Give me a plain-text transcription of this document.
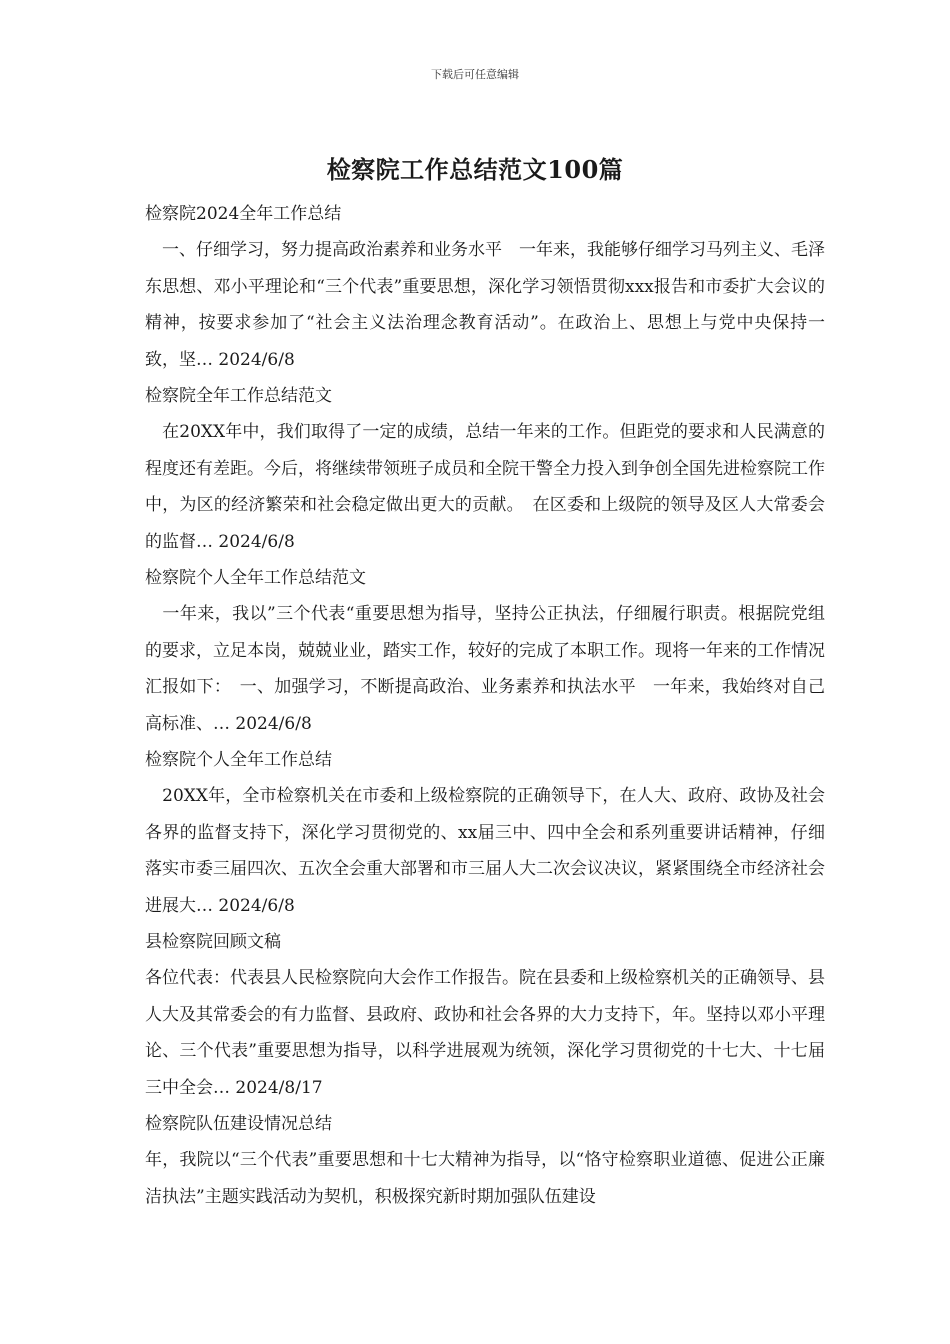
下载后可任意编辑
检察院工作总结范文100篇
检察院2024全年工作总结

　一、仔细学习，努力提高政治素养和业务水平　一年来，我能够仔细学习马列主义、毛泽东思想、邓小平理论和“三个代表”重要思想，深化学习领悟贯彻xxx报告和市委扩大会议的精神，按要求参加了“社会主义法治理念教育活动”。在政治上、思想上与党中央保持一致，坚… 2024/6/8

检察院全年工作总结范文

　在20XX年中，我们取得了一定的成绩，总结一年来的工作。但距党的要求和人民满意的程度还有差距。今后，将继续带领班子成员和全院干警全力投入到争创全国先进检察院工作中，为区的经济繁荣和社会稳定做出更大的贡献。　在区委和上级院的领导及区人大常委会的监督… 2024/6/8

检察院个人全年工作总结范文

　一年来，我以”三个代表“重要思想为指导，坚持公正执法，仔细履行职责。根据院党组的要求，立足本岗，兢兢业业，踏实工作，较好的完成了本职工作。现将一年来的工作情况汇报如下：　一、加强学习，不断提高政治、业务素养和执法水平　一年来，我始终对自己高标准、… 2024/6/8

检察院个人全年工作总结

　20XX年，全市检察机关在市委和上级检察院的正确领导下，在人大、政府、政协及社会各界的监督支持下，深化学习贯彻党的、xx届三中、四中全会和系列重要讲话精神，仔细落实市委三届四次、五次全会重大部署和市三届人大二次会议决议，紧紧围绕全市经济社会进展大… 2024/6/8

县检察院回顾文稿

各位代表：代表县人民检察院向大会作工作报告。院在县委和上级检察机关的正确领导、县人大及其常委会的有力监督、县政府、政协和社会各界的大力支持下，年。坚持以邓小平理论、三个代表”重要思想为指导，以科学进展观为统领，深化学习贯彻党的十七大、十七届三中全会… 2024/8/17

检察院队伍建设情况总结

年，我院以“三个代表”重要思想和十七大精神为指导，以“恪守检察职业道德、促进公正廉洁执法”主题实践活动为契机，积极探究新时期加强队伍建设
